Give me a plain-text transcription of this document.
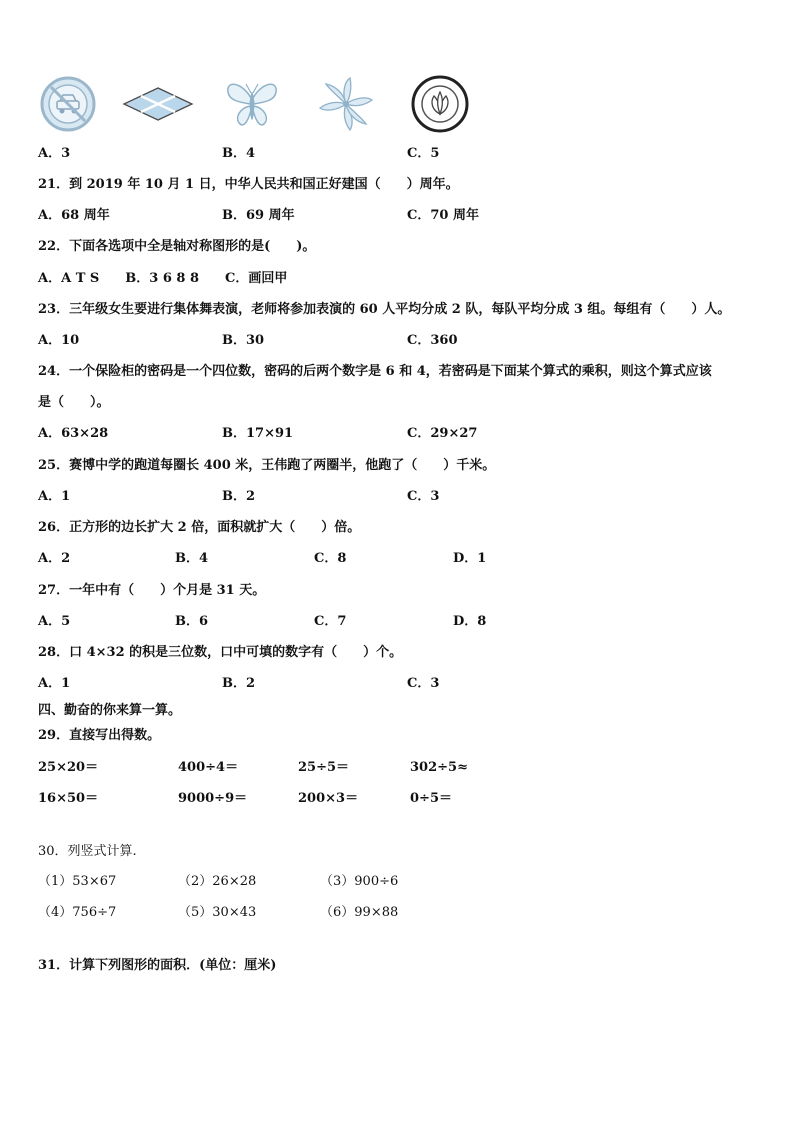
A．3	B．4	C．5
21．到 2019 年 10 月 1 日，中华人民共和国正好建国（　　）周年。
A．68 周年	B．69 周年	C．70 周年
22．下面各选项中全是轴对称图形的是(　　)。
A．A T S　　B．3 6 8 8　　C．画回甲
23．三年级女生要进行集体舞表演，老师将参加表演的 60 人平均分成 2 队，每队平均分成 3 组。每组有（　　）人。
A．10	B．30	C．360
24．一个保险柜的密码是一个四位数，密码的后两个数字是 6 和 4，若密码是下面某个算式的乘积，则这个算式应该
是（　　）。
A．63×28	B．17×91	C．29×27
25．赛博中学的跑道每圈长 400 米，王伟跑了两圈半，他跑了（　　）千米。
A．1	B．2	C．3
26．正方形的边长扩大 2 倍，面积就扩大（　　）倍。
A．2	B．4	C．8	D．1
27．一年中有（　　）个月是 31 天。
A．5	B．6	C．7	D．8
28．口 4×32 的积是三位数，口中可填的数字有（　　）个。
A．1	B．2	C．3
四、勤奋的你来算一算。
29．直接写出得数。
25×20＝	400÷4＝	25÷5＝	302÷5≈
16×50＝	9000÷9＝	200×3＝	0÷5＝
30．列竖式计算.
（1）53×67	（2）26×28	（3）900÷6
（4）756÷7	（5）30×43	（6）99×88
31．计算下列图形的面积．(单位：厘米)
